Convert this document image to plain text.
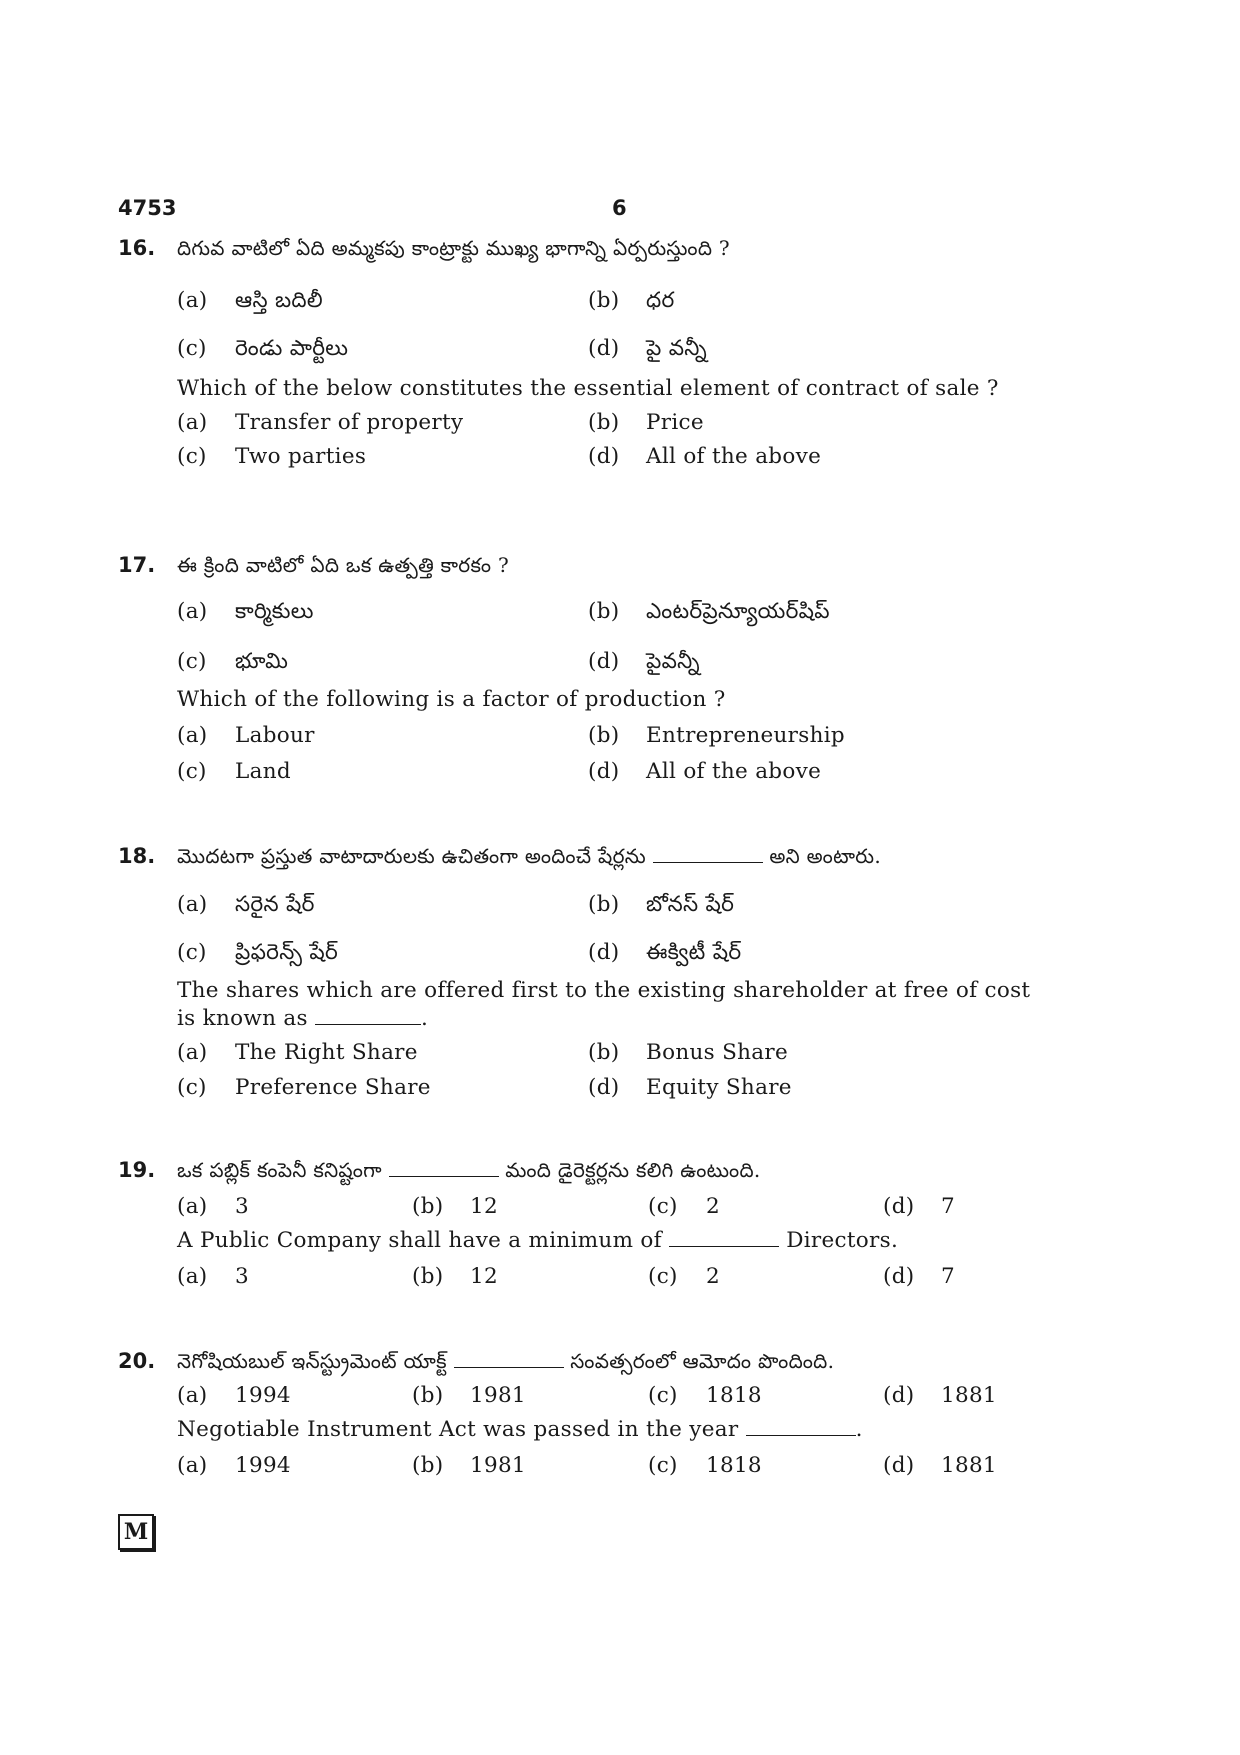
4753	6
16. దిగువ వాటిలో ఏది అమ్మకపు కాంట్రాక్టు ముఖ్య భాగాన్ని ఏర్పరుస్తుంది ?
(a) ఆస్తి బదిలీ	(b) ధర
(c) రెండు పార్టీలు	(d) పై వన్నీ
Which of the below constitutes the essential element of contract of sale ?
(a) Transfer of property	(b) Price
(c) Two parties	(d) All of the above
17. ఈ క్రింది వాటిలో ఏది ఒక ఉత్పత్తి కారకం ?
(a) కార్మికులు	(b) ఎంటర్‌ప్రెన్యూయర్‌షిప్
(c) భూమి	(d) పైవన్నీ
Which of the following is a factor of production ?
(a) Labour	(b) Entrepreneurship
(c) Land	(d) All of the above
18. మొదటగా ప్రస్తుత వాటాదారులకు ఉచితంగా అందించే షేర్లను	అని అంటారు.
(a) సరైన షేర్	(b) బోనస్ షేర్
(c) ప్రిఫరెన్స్ షేర్	(d) ఈక్విటీ షేర్
The shares which are offered first to the existing shareholder at free of cost
is known as	.
(a) The Right Share	(b) Bonus Share
(c) Preference Share	(d) Equity Share
19. ఒక పబ్లిక్ కంపెనీ కనిష్టంగా	మంది డైరెక్టర్లను కలిగి ఉంటుంది.
(a) 3	(b) 12	(c) 2	(d) 7
A Public Company shall have a minimum of	Directors.
(a) 3	(b) 12	(c) 2	(d) 7
20. నెగోషియబుల్ ఇన్‌స్ట్రుమెంట్ యాక్ట్	సంవత్సరంలో ఆమోదం పొందింది.
(a) 1994	(b) 1981	(c) 1818	(d) 1881
Negotiable Instrument Act was passed in the year	.
(a) 1994	(b) 1981	(c) 1818	(d) 1881
M
